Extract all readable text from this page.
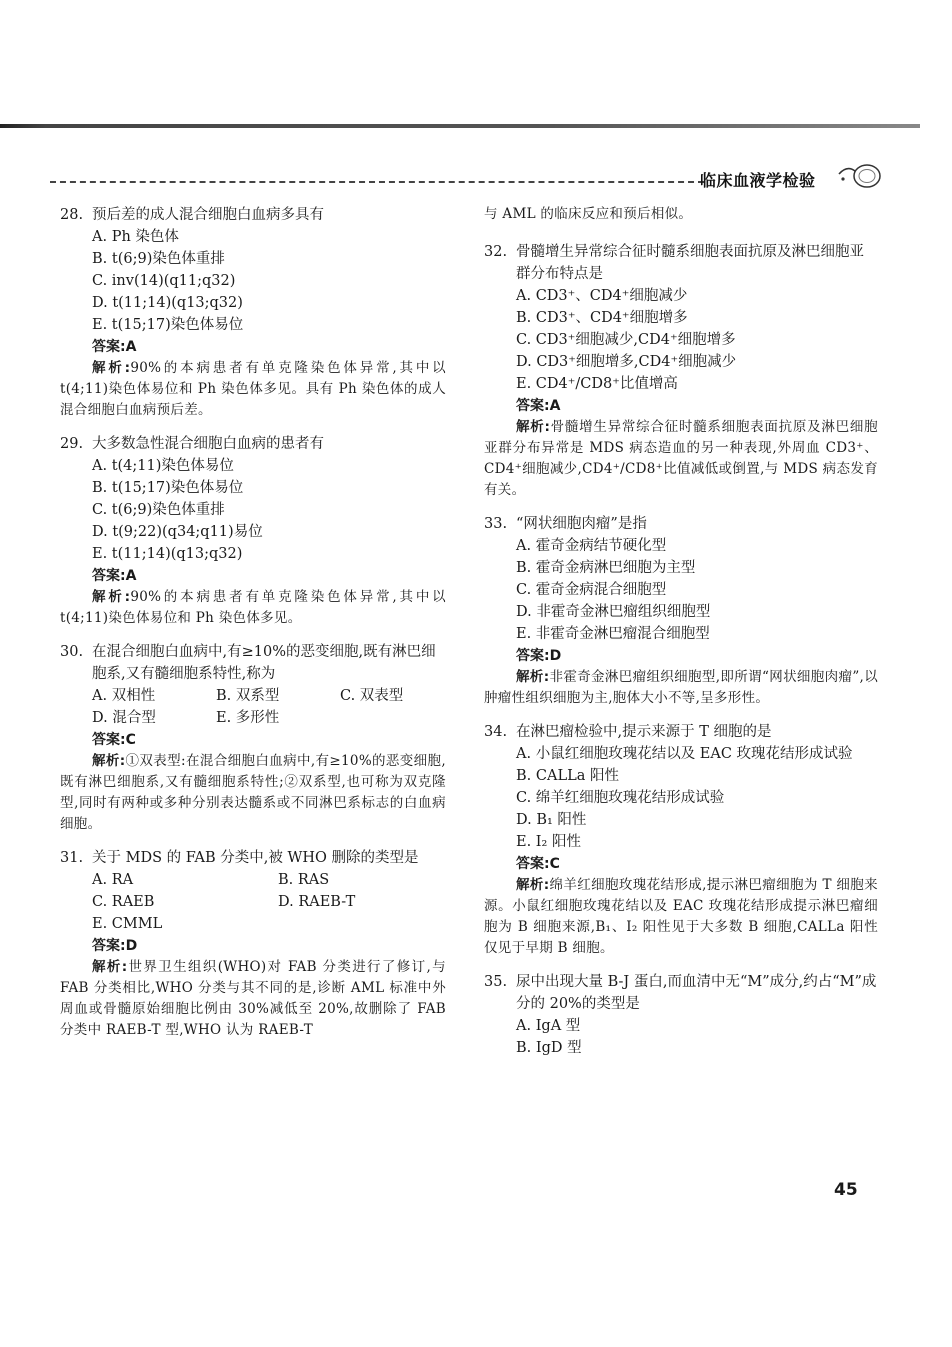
临床血液学检验
28. 预后差的成人混合细胞白血病多具有
A. Ph 染色体
B. t(6;9)染色体重排
C. inv(14)(q11;q32)
D. t(11;14)(q13;q32)
E. t(15;17)染色体易位
答案:A
解析:90%的本病患者有单克隆染色体异常,其中以 t(4;11)染色体易位和 Ph 染色体多见。具有 Ph 染色体的成人混合细胞白血病预后差。
29. 大多数急性混合细胞白血病的患者有
A. t(4;11)染色体易位
B. t(15;17)染色体易位
C. t(6;9)染色体重排
D. t(9;22)(q34;q11)易位
E. t(11;14)(q13;q32)
答案:A
解析:90%的本病患者有单克隆染色体异常,其中以 t(4;11)染色体易位和 Ph 染色体多见。
30. 在混合细胞白血病中,有≥10%的恶变细胞,既有淋巴细胞系,又有髓细胞系特性,称为
A. 双相性	B. 双系型	C. 双表型
D. 混合型	E. 多形性
答案:C
解析:①双表型:在混合细胞白血病中,有≥10%的恶变细胞,既有淋巴细胞系,又有髓细胞系特性;②双系型,也可称为双克隆型,同时有两种或多种分别表达髓系或不同淋巴系标志的白血病细胞。
31. 关于 MDS 的 FAB 分类中,被 WHO 删除的类型是
A. RA	B. RAS
C. RAEB	D. RAEB-T
E. CMML
答案:D
解析:世界卫生组织(WHO)对 FAB 分类进行了修订,与 FAB 分类相比,WHO 分类与其不同的是,诊断 AML 标准中外周血或骨髓原始细胞比例由 30%减低至 20%,故删除了 FAB 分类中 RAEB-T 型,WHO 认为 RAEB-T
与 AML 的临床反应和预后相似。
32. 骨髓增生异常综合征时髓系细胞表面抗原及淋巴细胞亚群分布特点是
A. CD3⁺、CD4⁺细胞减少
B. CD3⁺、CD4⁺细胞增多
C. CD3⁺细胞减少,CD4⁺细胞增多
D. CD3⁺细胞增多,CD4⁺细胞减少
E. CD4⁺/CD8⁺比值增高
答案:A
解析:骨髓增生异常综合征时髓系细胞表面抗原及淋巴细胞亚群分布异常是 MDS 病态造血的另一种表现,外周血 CD3⁺、CD4⁺细胞减少,CD4⁺/CD8⁺比值减低或倒置,与 MDS 病态发育有关。
33. “网状细胞肉瘤”是指
A. 霍奇金病结节硬化型
B. 霍奇金病淋巴细胞为主型
C. 霍奇金病混合细胞型
D. 非霍奇金淋巴瘤组织细胞型
E. 非霍奇金淋巴瘤混合细胞型
答案:D
解析:非霍奇金淋巴瘤组织细胞型,即所谓“网状细胞肉瘤”,以肿瘤性组织细胞为主,胞体大小不等,呈多形性。
34. 在淋巴瘤检验中,提示来源于 T 细胞的是
A. 小鼠红细胞玫瑰花结以及 EAC 玫瑰花结形成试验
B. CALLa 阳性
C. 绵羊红细胞玫瑰花结形成试验
D. B₁ 阳性
E. I₂ 阳性
答案:C
解析:绵羊红细胞玫瑰花结形成,提示淋巴瘤细胞为 T 细胞来源。小鼠红细胞玫瑰花结以及 EAC 玫瑰花结形成提示淋巴瘤细胞为 B 细胞来源,B₁、I₂ 阳性见于大多数 B 细胞,CALLa 阳性仅见于早期 B 细胞。
35. 尿中出现大量 B-J 蛋白,而血清中无“M”成分,约占“M”成分的 20%的类型是
A. IgA 型
B. IgD 型
45
